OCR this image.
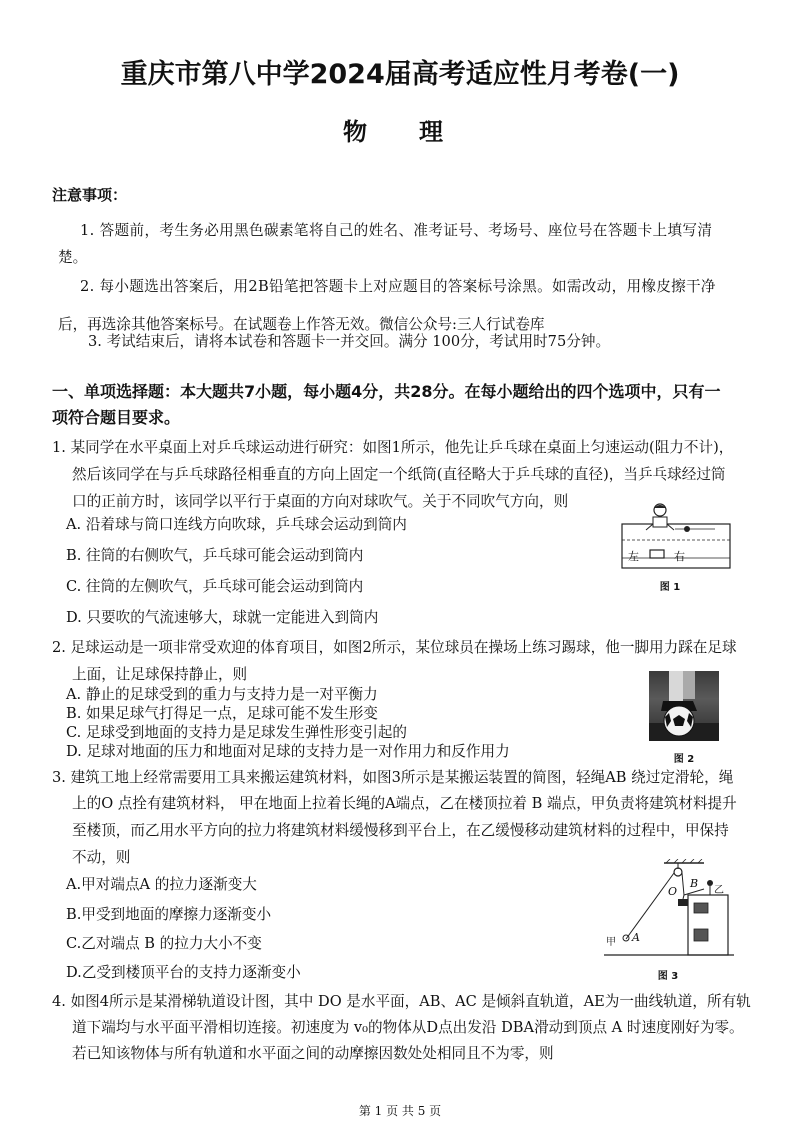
重庆市第八中学2024届高考适应性月考卷(一)
物　理
注意事项：
1. 答题前，考生务必用黑色碳素笔将自己的姓名、准考证号、考场号、座位号在答题卡上填写清
楚。
2. 每小题选出答案后，用2B铅笔把答题卡上对应题目的答案标号涂黑。如需改动，用橡皮擦干净
后，再选涂其他答案标号。在试题卷上作答无效。微信公众号:三人行试卷库
3. 考试结束后，请将本试卷和答题卡一并交回。满分 100分，考试用时75分钟。
一、单项选择题：本大题共7小题，每小题4分，共28分。在每小题给出的四个选项中，只有一
项符合题目要求。
1. 某同学在水平桌面上对乒乓球运动进行研究：如图1所示，他先让乒乓球在桌面上匀速运动(阻力不计)，
然后该同学在与乒乓球路径相垂直的方向上固定一个纸筒(直径略大于乒乓球的直径)，当乒乓球经过筒
口的正前方时，该同学以平行于桌面的方向对球吹气。关于不同吹气方向，则
A. 沿着球与筒口连线方向吹球，乒乓球会运动到筒内
B. 往筒的右侧吹气，乒乓球可能会运动到筒内
C. 往筒的左侧吹气，乒乓球可能会运动到筒内
D. 只要吹的气流速够大，球就一定能进入到筒内
左	右
图 1
2. 足球运动是一项非常受欢迎的体育项目，如图2所示，某位球员在操场上练习踢球，他一脚用力踩在足球
上面，让足球保持静止，则
A. 静止的足球受到的重力与支持力是一对平衡力
B. 如果足球气打得足一点，足球可能不发生形变
C. 足球受到地面的支持力是足球发生弹性形变引起的
D. 足球对地面的压力和地面对足球的支持力是一对作用力和反作用力	图 2
3. 建筑工地上经常需要用工具来搬运建筑材料，如图3所示是某搬运装置的简图，轻绳AB 绕过定滑轮，绳
上的O 点拴有建筑材料， 甲在地面上拉着长绳的A端点，乙在楼顶拉着 B 端点，甲负责将建筑材料提升
至楼顶，而乙用水平方向的拉力将建筑材料缓慢移到平台上，在乙缓慢移动建筑材料的过程中，甲保持
不动，则
A.甲对端点A 的拉力逐渐变大
B.甲受到地面的摩擦力逐渐变小
C.乙对端点 B 的拉力大小不变
D.乙受到楼顶平台的支持力逐渐变小
O
B
乙
甲 A
图 3
4. 如图4所示是某滑梯轨道设计图，其中 DO 是水平面，AB、AC 是倾斜直轨道，AE为一曲线轨道，所有轨
道下端均与水平面平滑相切连接。初速度为 v₀的物体从D点出发沿 DBA滑动到顶点 A 时速度刚好为零。
若已知该物体与所有轨道和水平面之间的动摩擦因数处处相同且不为零，则
第 1 页 共 5 页
